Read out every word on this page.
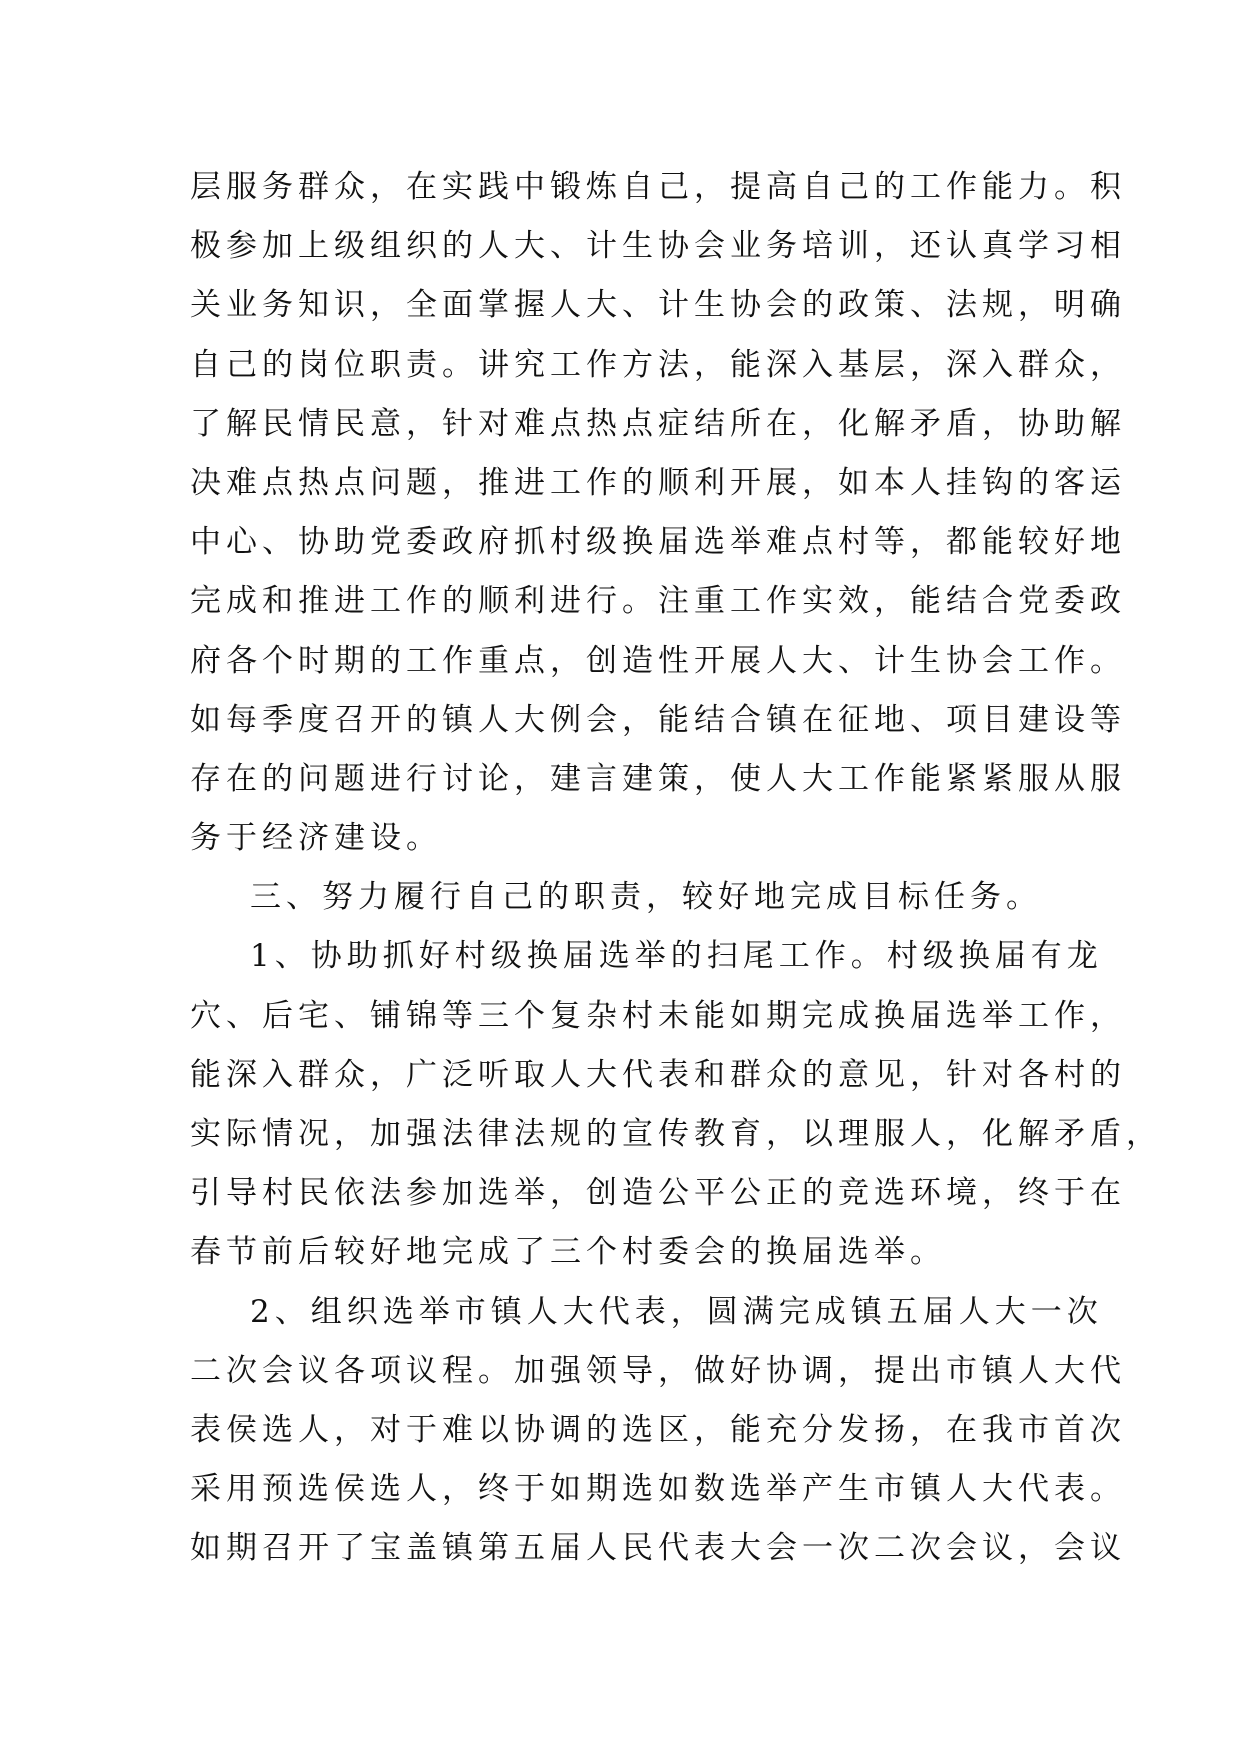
层服务群众，在实践中锻炼自己，提高自己的工作能力。积
极参加上级组织的人大、计生协会业务培训，还认真学习相
关业务知识，全面掌握人大、计生协会的政策、法规，明确
自己的岗位职责。讲究工作方法，能深入基层，深入群众，
了解民情民意，针对难点热点症结所在，化解矛盾，协助解
决难点热点问题，推进工作的顺利开展，如本人挂钩的客运
中心、协助党委政府抓村级换届选举难点村等，都能较好地
完成和推进工作的顺利进行。注重工作实效，能结合党委政
府各个时期的工作重点，创造性开展人大、计生协会工作。
如每季度召开的镇人大例会，能结合镇在征地、项目建设等
存在的问题进行讨论，建言建策，使人大工作能紧紧服从服
务于经济建设。
三、努力履行自己的职责，较好地完成目标任务。
1、协助抓好村级换届选举的扫尾工作。村级换届有龙
穴、后宅、铺锦等三个复杂村未能如期完成换届选举工作，
能深入群众，广泛听取人大代表和群众的意见，针对各村的
实际情况，加强法律法规的宣传教育，以理服人，化解矛盾，
引导村民依法参加选举，创造公平公正的竞选环境，终于在
春节前后较好地完成了三个村委会的换届选举。
2、组织选举市镇人大代表，圆满完成镇五届人大一次
二次会议各项议程。加强领导，做好协调，提出市镇人大代
表侯选人，对于难以协调的选区，能充分发扬，在我市首次
采用预选侯选人，终于如期选如数选举产生市镇人大代表。
如期召开了宝盖镇第五届人民代表大会一次二次会议，会议
